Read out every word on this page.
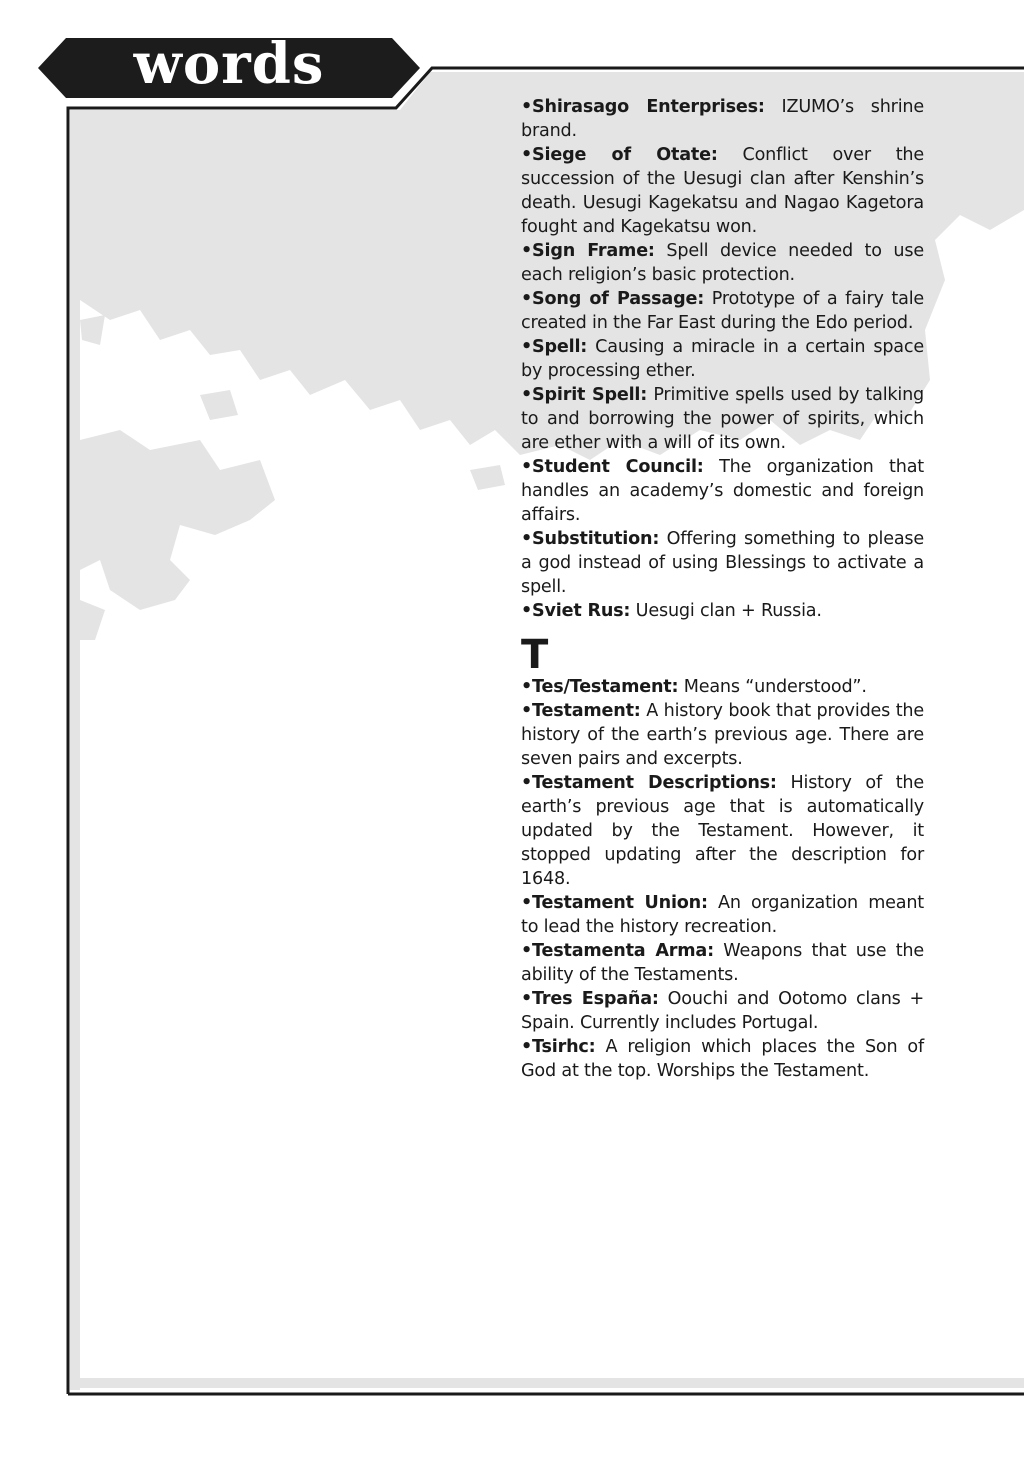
words

•Shirasago Enterprises: IZUMO’s shrine brand.

•Siege of Otate: Conflict over the succession of the Uesugi clan after Kenshin’s death. Uesugi Kagekatsu and Nagao Kagetora fought and Kagekatsu won.

•Sign Frame: Spell device needed to use each religion’s basic protection.

•Song of Passage: Prototype of a fairy tale created in the Far East during the Edo period.

•Spell: Causing a miracle in a certain space by processing ether.

•Spirit Spell: Primitive spells used by talking to and borrowing the power of spirits, which are ether with a will of its own.

•Student Council: The organization that handles an academy’s domestic and foreign affairs.

•Substitution: Offering something to please a god instead of using Blessings to activate a spell.

•Sviet Rus: Uesugi clan + Russia.

T

•Tes/Testament: Means “understood”.

•Testament: A history book that provides the history of the earth’s previous age. There are seven pairs and excerpts.

•Testament Descriptions: History of the earth’s previous age that is automatically updated by the Testament. However, it stopped updating after the description for 1648.

•Testament Union: An organization meant to lead the history recreation.

•Testamenta Arma: Weapons that use the ability of the Testaments.

•Tres España: Oouchi and Ootomo clans + Spain. Currently includes Portugal.

•Tsirhc: A religion which places the Son of God at the top. Worships the Testament.
